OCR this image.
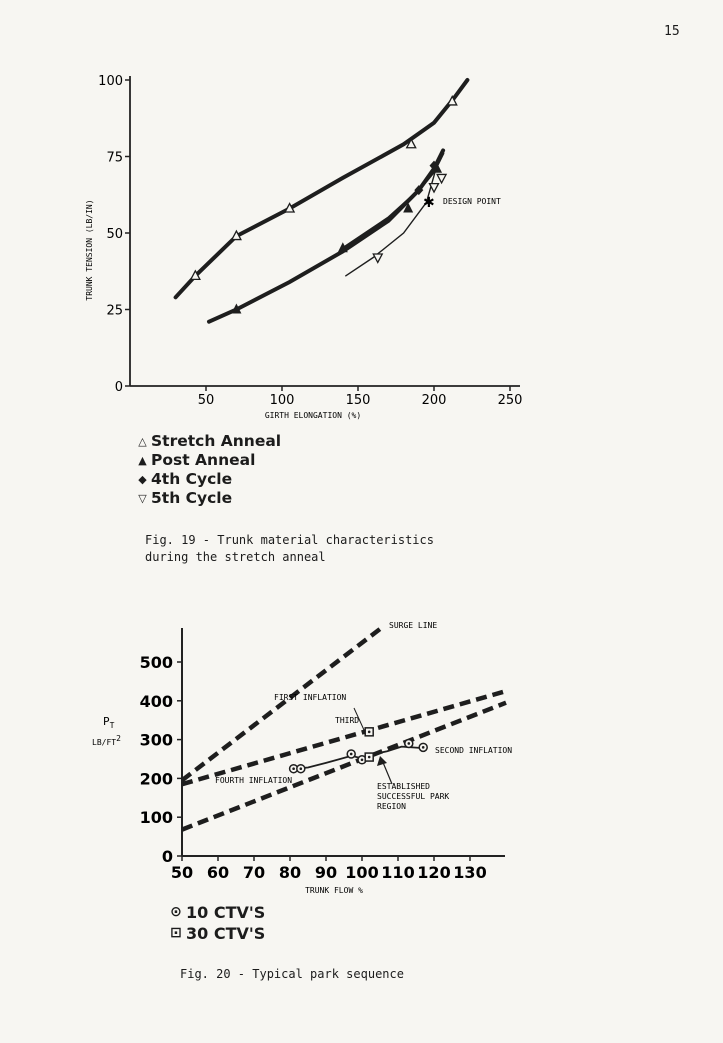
15
50	100	150	200	250
0
25
50
75
100
TRUNK TENSION (LB/IN)
GIRTH ELONGATION (%)
DESIGN POINT
✱
50 60 70 80 90 100 110 120 130
0
100
200
300
400
500
SURGE LINE
FIRST INFLATION
THIRD
SECOND INFLATION
FOURTH INFLATION
ESTABLISHED
SUCCESSFUL PARK
REGION
$P_T$
LB/FT2
TRUNK FLOW %
△ Stretch Anneal
▲ Post Anneal
◆ 4th Cycle
▽ 5th Cycle
Fig. 19 - Trunk material characteristics
during the stretch anneal
⊙ 10 CTV'S
⊡ 30 CTV'S
Fig. 20 - Typical park sequence
